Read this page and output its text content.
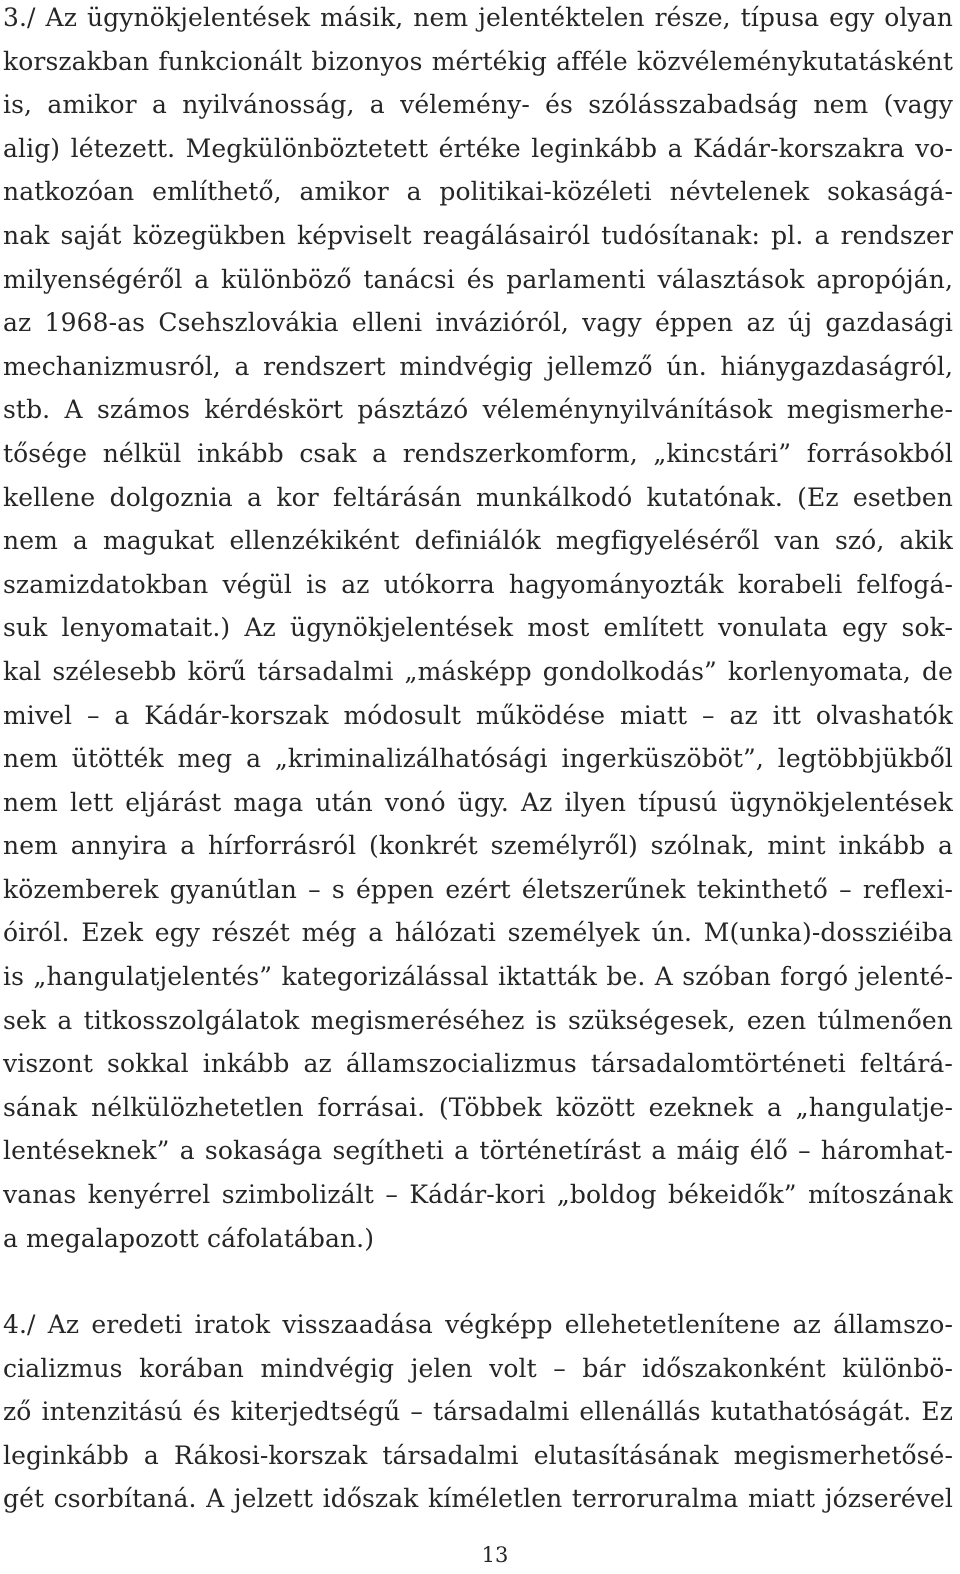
3./ Az ügynökjelentések másik, nem jelentéktelen része, típusa egy olyan
korszakban funkcionált bizonyos mértékig afféle közvéleménykutatásként
is, amikor a nyilvánosság, a vélemény- és szólásszabadság nem (vagy
alig) létezett. Megkülönböztetett értéke leginkább a Kádár-korszakra vo-
natkozóan említhető, amikor a politikai-közéleti névtelenek sokaságá-
nak saját közegükben képviselt reagálásairól tudósítanak: pl. a rendszer
milyenségéről a különböző tanácsi és parlamenti választások apropóján,
az 1968-as Csehszlovákia elleni invázióról, vagy éppen az új gazdasági
mechanizmusról, a rendszert mindvégig jellemző ún. hiánygazdaságról,
stb. A számos kérdéskört pásztázó véleménynyilvánítások megismerhe-
tősége nélkül inkább csak a rendszerkomform, „kincstári” forrásokból
kellene dolgoznia a kor feltárásán munkálkodó kutatónak. (Ez esetben
nem a magukat ellenzékiként definiálók megfigyeléséről van szó, akik
szamizdatokban végül is az utókorra hagyományozták korabeli felfogá-
suk lenyomatait.) Az ügynökjelentések most említett vonulata egy sok-
kal szélesebb körű társadalmi „másképp gondolkodás” korlenyomata, de
mivel – a Kádár-korszak módosult működése miatt – az itt olvashatók
nem ütötték meg a „kriminalizálhatósági ingerküszöböt”, legtöbbjükből
nem lett eljárást maga után vonó ügy. Az ilyen típusú ügynökjelentések
nem annyira a hírforrásról (konkrét személyről) szólnak, mint inkább a
közemberek gyanútlan – s éppen ezért életszerűnek tekinthető – reflexi-
óiról. Ezek egy részét még a hálózati személyek ún. M(unka)-dossziéiba
is „hangulatjelentés” kategorizálással iktatták be. A szóban forgó jelenté-
sek a titkosszolgálatok megismeréséhez is szükségesek, ezen túlmenően
viszont sokkal inkább az államszocializmus társadalomtörténeti feltárá-
sának nélkülözhetetlen forrásai. (Többek között ezeknek a „hangulatje-
lentéseknek” a sokasága segítheti a történetírást a máig élő – háromhat-
vanas kenyérrel szimbolizált – Kádár-kori „boldog békeidők” mítoszának
a megalapozott cáfolatában.)
4./ Az eredeti iratok visszaadása végképp ellehetetlenítene az államszo-
cializmus korában mindvégig jelen volt – bár időszakonként különbö-
ző intenzitású és kiterjedtségű – társadalmi ellenállás kutathatóságát. Ez
leginkább a Rákosi-korszak társadalmi elutasításának megismerhetősé-
gét csorbítaná. A jelzett időszak kíméletlen terroruralma miatt józserével
13
